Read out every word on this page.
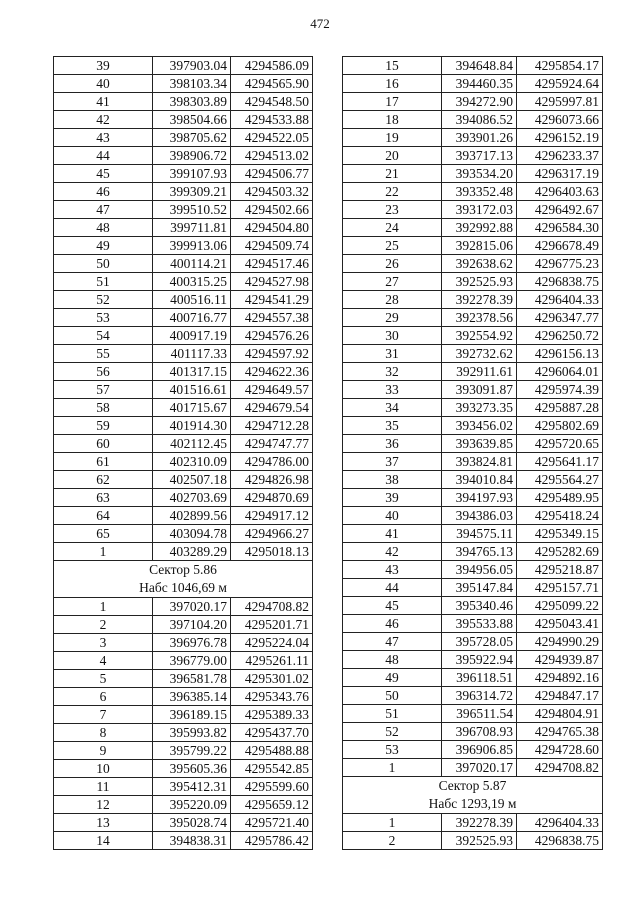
472
39	397903.04	4294586.09
40	398103.34	4294565.90
41	398303.89	4294548.50
42	398504.66	4294533.88
43	398705.62	4294522.05
44	398906.72	4294513.02
45	399107.93	4294506.77
46	399309.21	4294503.32
47	399510.52	4294502.66
48	399711.81	4294504.80
49	399913.06	4294509.74
50	400114.21	4294517.46
51	400315.25	4294527.98
52	400516.11	4294541.29
53	400716.77	4294557.38
54	400917.19	4294576.26
55	401117.33	4294597.92
56	401317.15	4294622.36
57	401516.61	4294649.57
58	401715.67	4294679.54
59	401914.30	4294712.28
60	402112.45	4294747.77
61	402310.09	4294786.00
62	402507.18	4294826.98
63	402703.69	4294870.69
64	402899.56	4294917.12
65	403094.78	4294966.27
1	403289.29	4295018.13

Сектор 5.86
Набс 1046,69 м		

1	397020.17	4294708.82
2	397104.20	4295201.71
3	396976.78	4295224.04
4	396779.00	4295261.11
5	396581.78	4295301.02
6	396385.14	4295343.76
7	396189.15	4295389.33
8	395993.82	4295437.70
9	395799.22	4295488.88
10	395605.36	4295542.85
11	395412.31	4295599.60
12	395220.09	4295659.12
13	395028.74	4295721.40
14	394838.31	4295786.42
15	394648.84	4295854.17
16	394460.35	4295924.64
17	394272.90	4295997.81
18	394086.52	4296073.66
19	393901.26	4296152.19
20	393717.13	4296233.37
21	393534.20	4296317.19
22	393352.48	4296403.63
23	393172.03	4296492.67
24	392992.88	4296584.30
25	392815.06	4296678.49
26	392638.62	4296775.23
27	392525.93	4296838.75
28	392278.39	4296404.33
29	392378.56	4296347.77
30	392554.92	4296250.72
31	392732.62	4296156.13
32	392911.61	4296064.01
33	393091.87	4295974.39
34	393273.35	4295887.28
35	393456.02	4295802.69
36	393639.85	4295720.65
37	393824.81	4295641.17
38	394010.84	4295564.27
39	394197.93	4295489.95
40	394386.03	4295418.24
41	394575.11	4295349.15
42	394765.13	4295282.69
43	394956.05	4295218.87
44	395147.84	4295157.71
45	395340.46	4295099.22
46	395533.88	4295043.41
47	395728.05	4294990.29
48	395922.94	4294939.87
49	396118.51	4294892.16
50	396314.72	4294847.17
51	396511.54	4294804.91
52	396708.93	4294765.38
53	396906.85	4294728.60
1	397020.17	4294708.82

Сектор 5.87
Набс 1293,19 м		

1	392278.39	4296404.33
2	392525.93	4296838.75
